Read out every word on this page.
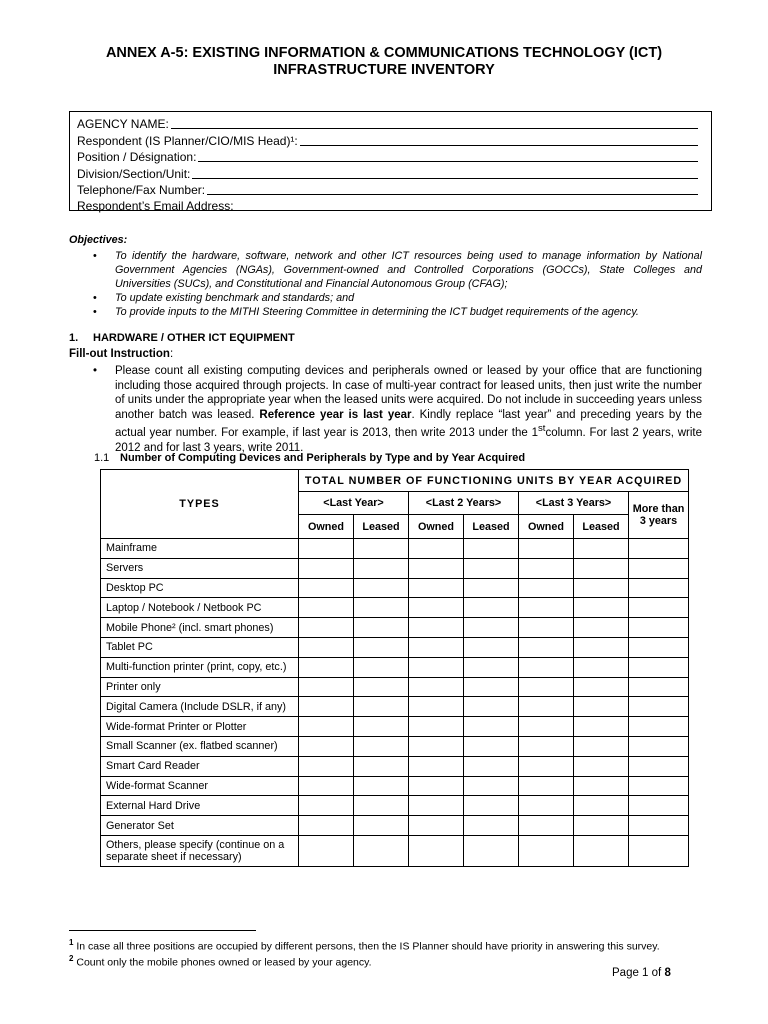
ANNEX A-5: EXISTING INFORMATION & COMMUNICATIONS TECHNOLOGY (ICT)
INFRASTRUCTURE INVENTORY
AGENCY NAME:
Respondent (IS Planner/CIO/MIS Head)¹:
Position / Désignation:
Division/Section/Unit:
Telephone/Fax Number:
Respondent’s Email Address:
Objectives:
• To identify the hardware, software, network and other ICT resources being used to manage information by National Government Agencies (NGAs), Government-owned and Controlled Corporations (GOCCs), State Colleges and Universities (SUCs), and Constitutional and Financial Autonomous Group (CFAG);
• To update existing benchmark and standards; and
• To provide inputs to the MITHI Steering Committee in determining the ICT budget requirements of the agency.
1. HARDWARE / OTHER ICT EQUIPMENT
Fill-out Instruction:
• Please count all existing computing devices and peripherals owned or leased by your office that are functioning including those acquired through projects. In case of multi-year contract for leased units, then just write the number of units under the appropriate year when the leased units were acquired. Do not include in succeeding years unless another batch was leased. Reference year is last year. Kindly replace “last year” and preceding years by the actual year number. For example, if last year is 2013, then write 2013 under the 1stcolumn. For last 2 years, write 2012 and for last 3 years, write 2011.

1.1 Number of Computing Devices and Peripherals by Type and by Year Acquired
TYPES	TOTAL NUMBER OF FUNCTIONING UNITS BY YEAR ACQUIRED						
	<Last Year>		<Last 2 Years>		<Last 3 Years>		More than 3 years
	Owned	Leased	Owned	Leased	Owned	Leased	
Mainframe							
Servers							
Desktop PC							
Laptop / Notebook / Netbook PC							
Mobile Phone² (incl. smart phones)							
Tablet PC							
Multi-function printer (print, copy, etc.)							
Printer only							
Digital Camera (Include DSLR, if any)							
Wide-format Printer or Plotter							
Small Scanner (ex. flatbed scanner)							
Smart Card Reader							
Wide-format Scanner							
External Hard Drive							
Generator Set							
Others, please specify (continue on a separate sheet if necessary)							
$^1$ In case all three positions are occupied by different persons, then the IS Planner should have priority in answering this survey.
$^2$ Count only the mobile phones owned or leased by your agency.
Page 1 of 8
